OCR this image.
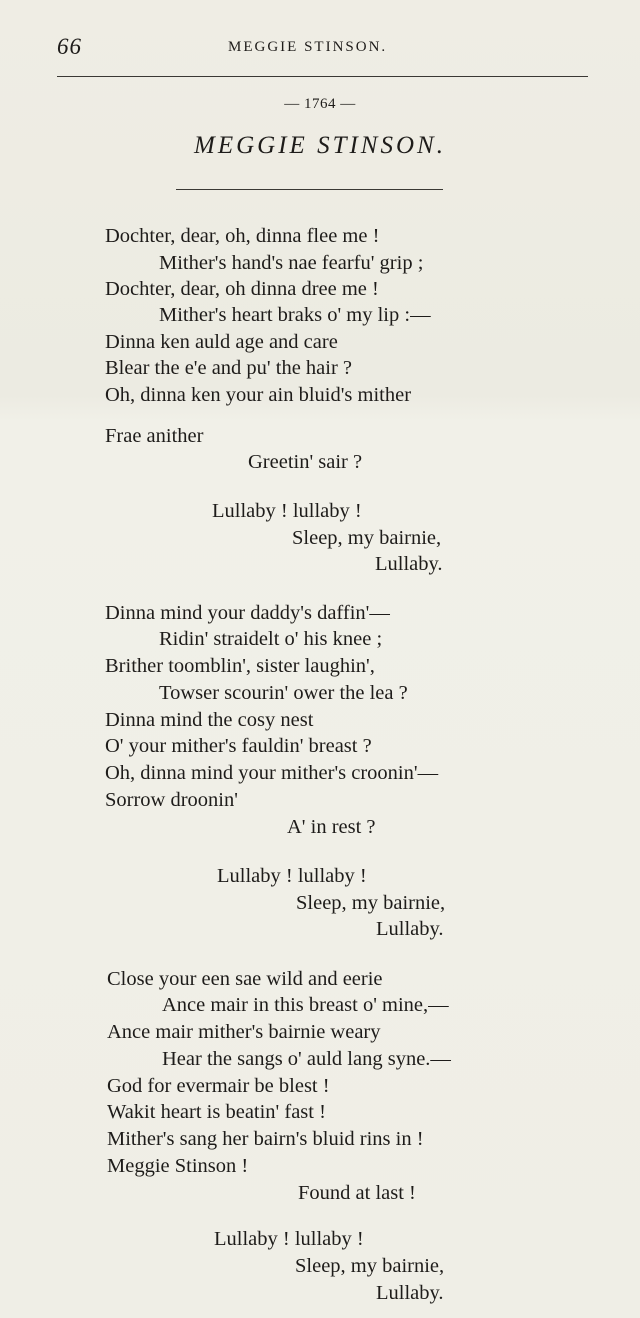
66	MEGGIE STINSON.
— 1764 —
MEGGIE STINSON.
Dochter, dear, oh, dinna flee me !
Mither's hand's nae fearfu' grip ;
Dochter, dear, oh dinna dree me !
Mither's heart braks o' my lip :—
Dinna ken auld age and care
Blear the e'e and pu' the hair ?
Oh, dinna ken your ain bluid's mither
Frae anither
Greetin' sair ?
Lullaby ! lullaby !
Sleep, my bairnie,
Lullaby.
Dinna mind your daddy's daffin'—
Ridin' straidelt o' his knee ;
Brither toomblin', sister laughin',
Towser scourin' ower the lea ?
Dinna mind the cosy nest
O' your mither's fauldin' breast ?
Oh, dinna mind your mither's croonin'—
Sorrow droonin'
A' in rest ?
Lullaby ! lullaby !
Sleep, my bairnie,
Lullaby.
Close your een sae wild and eerie
Ance mair in this breast o' mine,—
Ance mair mither's bairnie weary
Hear the sangs o' auld lang syne.—
God for evermair be blest !
Wakit heart is beatin' fast !
Mither's sang her bairn's bluid rins in !
Meggie Stinson !
Found at last !
Lullaby ! lullaby !
Sleep, my bairnie,
Lullaby.
